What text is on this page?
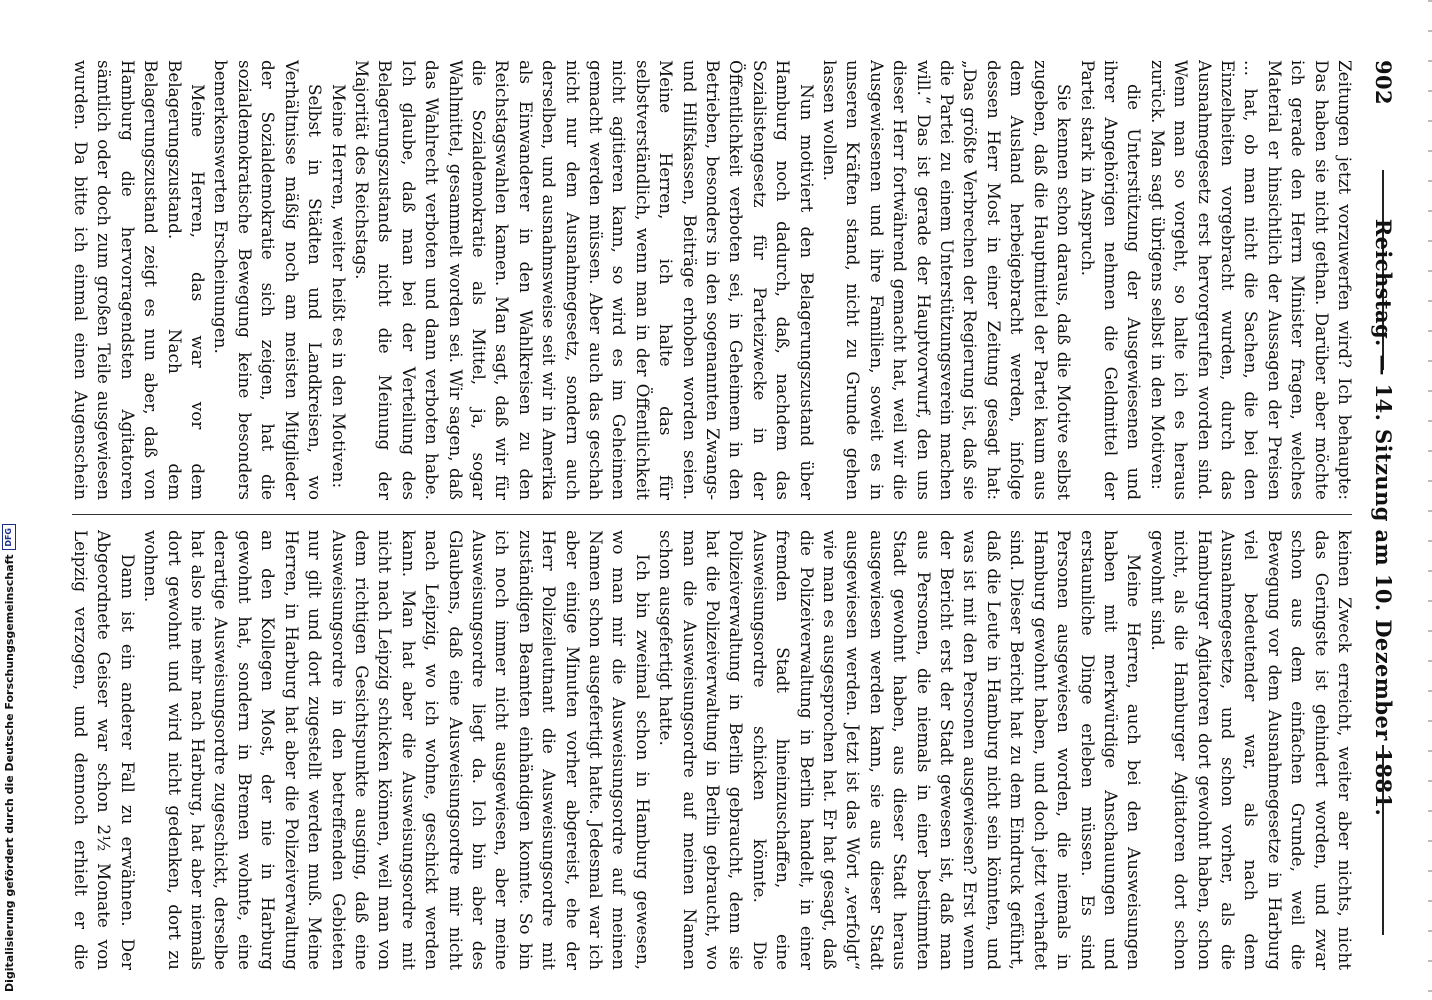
902
Reichstag. — 14. Sitzung am 10. Dezember 1881.

Zeitungen jetzt vorzuwerfen wird? Ich behaupte: Das haben sie nicht gethan. Darüber aber möchte ich gerade den Herrn Minister fragen, welches Material er hinsichtlich der Aussagen der Preisen ... hat, ob man nicht die Sachen, die bei den Einzelheiten vorgebracht wurden, durch das Ausnahmegesetz erst hervorgerufen worden sind. Wenn man so vorgeht, so halte ich es heraus zurück. Man sagt übrigens selbst in den Motiven:

die Unterstützung der Ausgewiesenen und ihrer Angehörigen nehmen die Geldmittel der Partei stark in Anspruch.

Sie kennen schon daraus, daß die Motive selbst zugeben, daß die Hauptmittel der Partei kaum aus dem Ausland herbeigebracht werden, infolge dessen Herr Most in einer Zeitung gesagt hat: „Das größte Verbrechen der Regierung ist, daß sie die Partei zu einem Unterstützungsverein machen will.“ Das ist gerade der Hauptvorwurf, den uns dieser Herr fortwährend gemacht hat, weil wir die Ausgewiesenen und ihre Familien, soweit es in unseren Kräften stand, nicht zu Grunde gehen lassen wollen.

Nun motiviert den Belagerungszustand über Hamburg noch dadurch, daß, nachdem das Sozialistengesetz für Parteizwecke in der Öffentlichkeit verboten sei, in Geheimem in den Betrieben, besonders in den sogenannten Zwangs- und Hilfskassen, Beiträge erhoben worden seien. Meine Herren, ich halte das für selbstverständlich, wenn man in der Öffentlichkeit nicht agitieren kann, so wird es im Geheimen gemacht werden müssen. Aber auch das geschah nicht nur dem Ausnahmegesetz, sondern auch derselben, und ausnahmsweise seit wir in Amerika als Einwanderer in den Wahlkreisen zu den Reichstagswahlen kamen. Man sagt, daß wir für die Sozialdemokratie als Mittel, ja, sogar Wahlmittel, gesammelt worden sei. Wir sagen, daß das Wahlrecht verboten und dann verboten habe. Ich glaube, daß man bei der Verteilung des Belagerungszustands nicht die Meinung der Majorität des Reichstags.

Meine Herren, weiter heißt es in den Motiven:

Selbst in Städten und Landkreisen, wo Verhältnisse mäßig noch am meisten Mitglieder der Sozialdemokratie sich zeigen, hat die sozialdemokratische Bewegung keine besonders bemerkenswerten Erscheinungen.

Meine Herren, das war vor dem Belagerungszustand. Nach dem Belagerungszustand zeigt es nun aber, daß von Hamburg die hervorragendsten Agitatoren sämtlich oder doch zum großen Teile ausgewiesen wurden. Da bitte ich einmal einen Augenschein

keinen Zweck erreicht, weiter aber nichts, nicht das Geringste ist gehindert worden, und zwar schon aus dem einfachen Grunde, weil die Bewegung vor dem Ausnahmegesetze in Harburg viel bedeutender war, als nach dem Ausnahmegesetze, und schon vorher, als die Hamburger Agitatoren dort gewohnt haben, schon nicht, als die Hamburger Agitatoren dort schon gewohnt sind.

Meine Herren, auch bei den Ausweisungen haben mit merkwürdige Anschauungen und erstaunliche Dinge erleben müssen. Es sind Personen ausgewiesen worden, die niemals in Hamburg gewohnt haben, und doch jetzt verhaftet sind. Dieser Bericht hat zu dem Eindruck geführt, daß die Leute in Hamburg nicht sein könnten, und was ist mit den Personen ausgewiesen? Erst wenn der Bericht erst der Stadt gewesen ist, daß man aus Personen, die niemals in einer bestimmten Stadt gewohnt haben, aus dieser Stadt heraus ausgewiesen werden kann, sie aus dieser Stadt ausgewiesen werden. Jetzt ist das Wort „verfolgt“ wie man es ausgesprochen hat. Er hat gesagt, daß die Polizeiverwaltung in Berlin handelt, in einer fremden Stadt hineinzuschaffen, eine Ausweisungsordre schicken könnte. Die Polizeiverwaltung in Berlin gebraucht, denn sie hat die Polizeiverwaltung in Berlin gebraucht, wo man die Ausweisungsordre auf meinen Namen schon ausgefertigt hatte.

Ich bin zweimal schon in Hamburg gewesen, wo man mir die Ausweisungsordre auf meinen Namen schon ausgefertigt hatte. Jedesmal war ich aber einige Minuten vorher abgereist, ehe der Herr Polizeileutnant die Ausweisungsordre mit zuständigen Beamten einhändigen konnte. So bin ich noch immer nicht ausgewiesen, aber meine Ausweisungsordre liegt da. Ich bin aber des Glaubens, daß eine Ausweisungsordre mir nicht nach Leipzig, wo ich wohne, geschickt werden kann. Man hat aber die Ausweisungsordre mit nicht nach Leipzig schicken können, weil man von dem richtigen Gesichtspunkte ausging, daß eine Ausweisungsordre in den betreffenden Gebieten nur gilt und dort zugestellt werden muß. Meine Herren, in Harburg hat aber die Polizeiverwaltung an den Kollegen Most, der nie in Harburg gewohnt hat, sondern in Bremen wohnte, eine derartige Ausweisungsordre zugeschickt, derselbe hat also nie mehr nach Harburg, hat aber niemals dort gewohnt und wird nicht gedenken, dort zu wohnen.

Dann ist ein anderer Fall zu erwähnen. Der Abgeordnete Geiser war schon 2½ Monate von Leipzig verzogen, und dennoch erhielt er die

Digitalisierung gefördert durch die Deutsche Forschungsgemeinschaft
DFG
